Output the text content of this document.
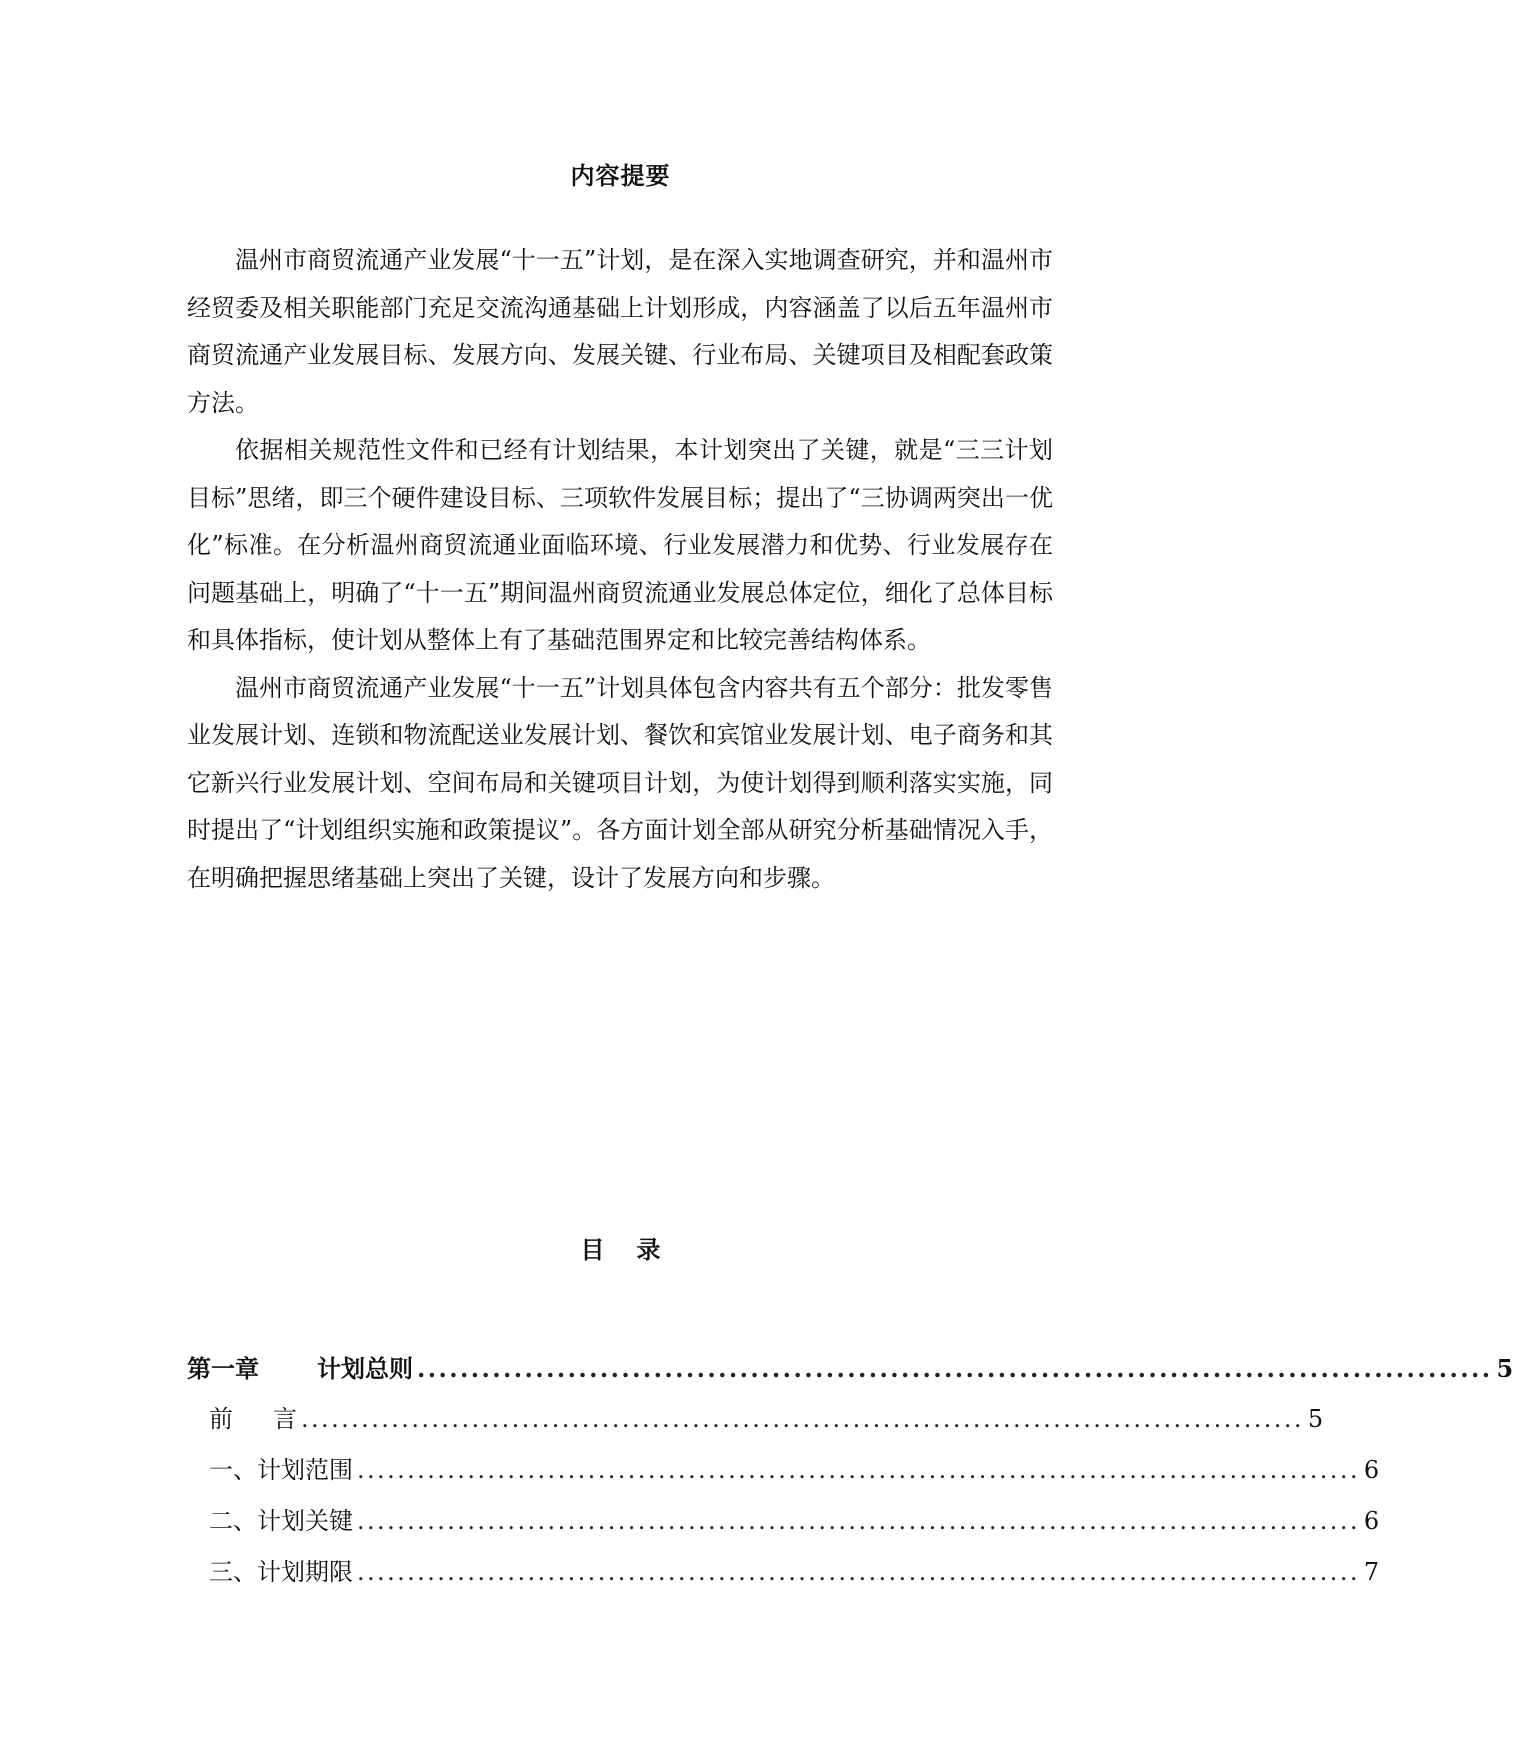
内容提要

温州市商贸流通产业发展“十一五”计划，是在深入实地调查研究，并和温州市经贸委及相关职能部门充足交流沟通基础上计划形成，内容涵盖了以后五年温州市商贸流通产业发展目标、发展方向、发展关键、行业布局、关键项目及相配套政策方法。

依据相关规范性文件和已经有计划结果，本计划突出了关键，就是“三三计划目标”思绪，即三个硬件建设目标、三项软件发展目标；提出了“三协调两突出一优化”标准。在分析温州商贸流通业面临环境、行业发展潜力和优势、行业发展存在问题基础上，明确了“十一五”期间温州商贸流通业发展总体定位，细化了总体目标和具体指标，使计划从整体上有了基础范围界定和比较完善结构体系。

温州市商贸流通产业发展“十一五”计划具体包含内容共有五个部分：批发零售业发展计划、连锁和物流配送业发展计划、餐饮和宾馆业发展计划、电子商务和其它新兴行业发展计划、空间布局和关键项目计划，为使计划得到顺利落实实施，同时提出了“计划组织实施和政策提议”。各方面计划全部从研究分析基础情况入手，在明确把握思绪基础上突出了关键，设计了发展方向和步骤。

目 录
第一章 计划总则 .................................................................................................... 5
前 言 .................................................................................................... 5
一、计划范围 .................................................................................................... 6
二、计划关键 .................................................................................................... 6
三、计划期限 .................................................................................................... 7
